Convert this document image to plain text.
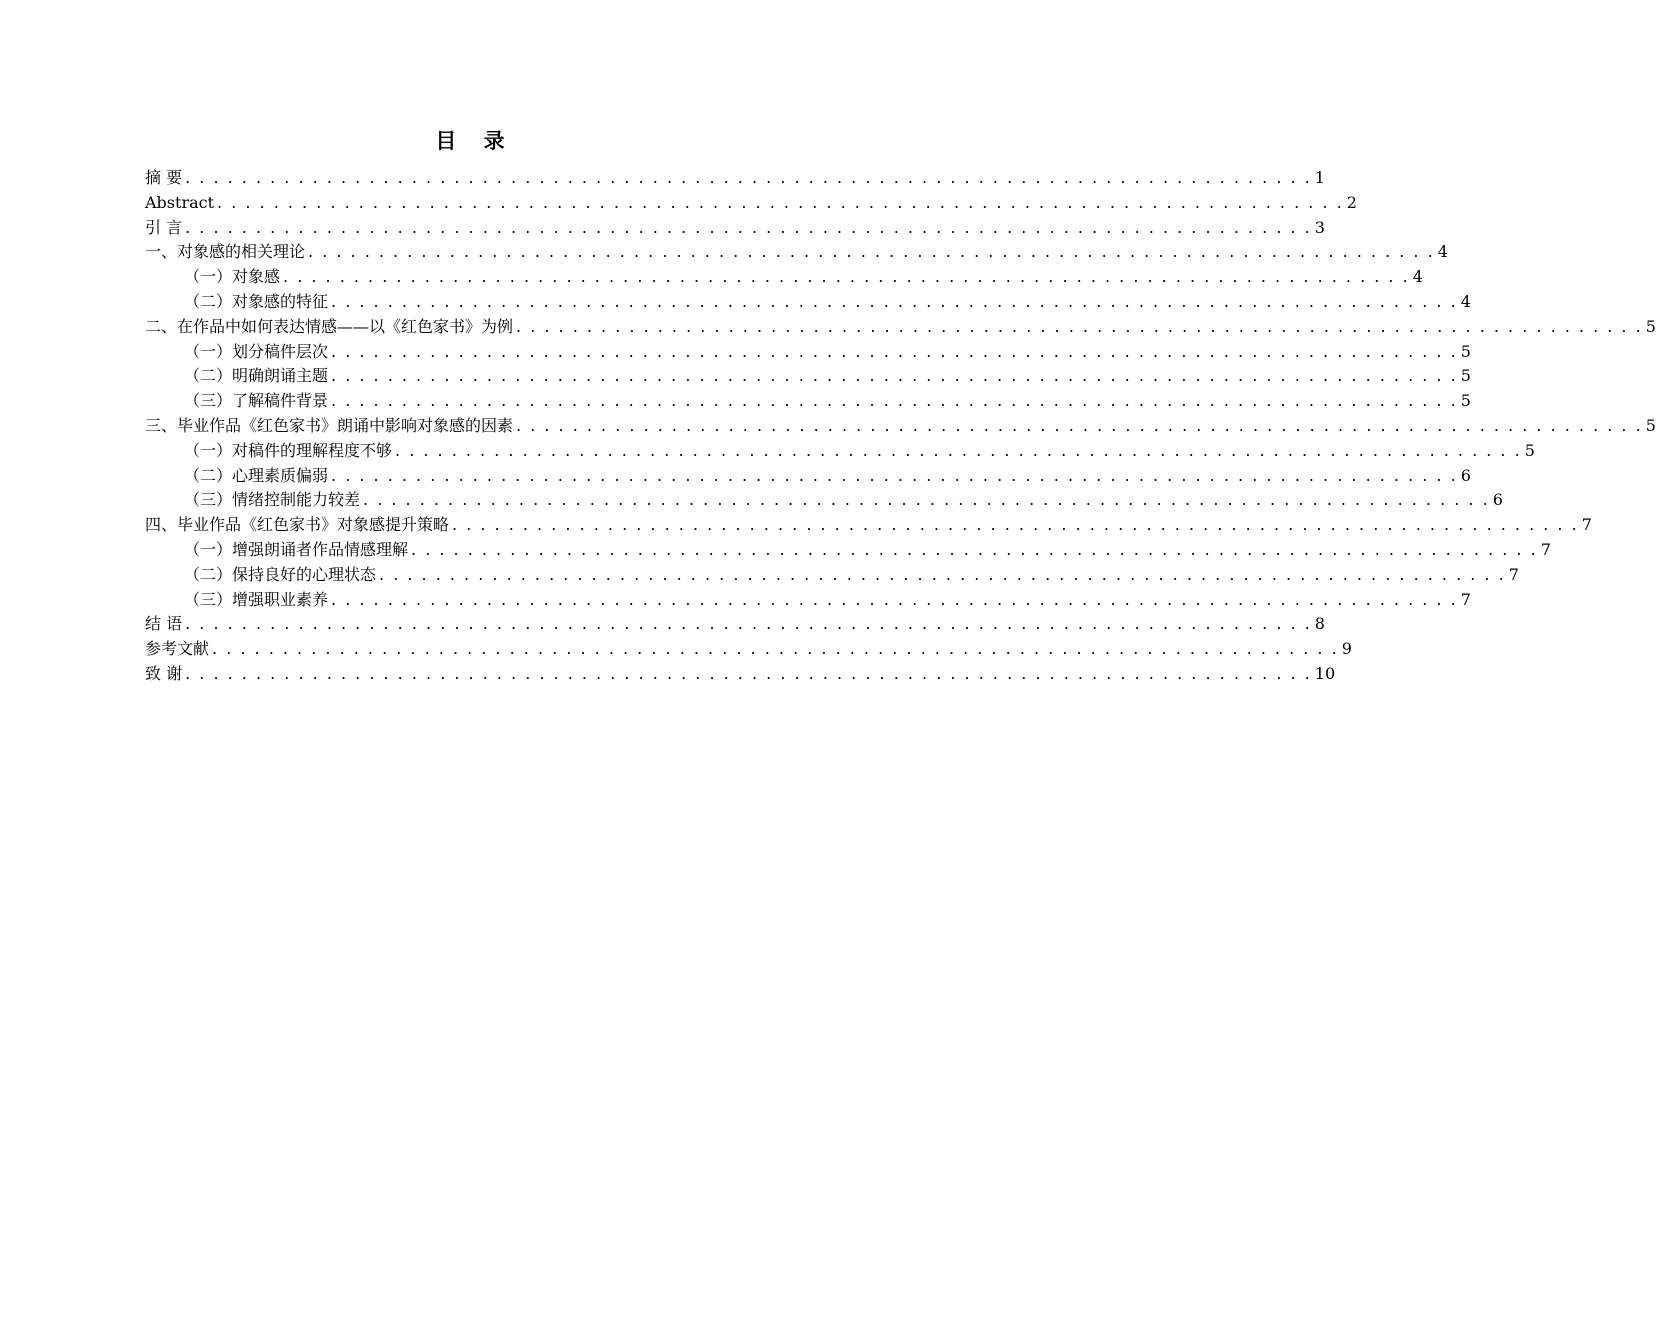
目 录
摘 要 . . . . . . . . . . . . . . . . . . . . . . . . . . . . . . . . . . . . . . . . . . . . . . . . . . . . . . . . . . . . . . . . . . . . . . . . . . . . . . . . 1
Abstract . . . . . . . . . . . . . . . . . . . . . . . . . . . . . . . . . . . . . . . . . . . . . . . . . . . . . . . . . . . . . . . . . . . . . . . . . . . . . . . . 2
引 言 . . . . . . . . . . . . . . . . . . . . . . . . . . . . . . . . . . . . . . . . . . . . . . . . . . . . . . . . . . . . . . . . . . . . . . . . . . . . . . . . 3
一、对象感的相关理论 . . . . . . . . . . . . . . . . . . . . . . . . . . . . . . . . . . . . . . . . . . . . . . . . . . . . . . . . . . . . . . . . . . . . . . . . . . . . . . . . 4
（一）对象感 . . . . . . . . . . . . . . . . . . . . . . . . . . . . . . . . . . . . . . . . . . . . . . . . . . . . . . . . . . . . . . . . . . . . . . . . . . . . . . . . 4
（二）对象感的特征 . . . . . . . . . . . . . . . . . . . . . . . . . . . . . . . . . . . . . . . . . . . . . . . . . . . . . . . . . . . . . . . . . . . . . . . . . . . . . . . . 4
二、在作品中如何表达情感——以《红色家书》为例 . . . . . . . . . . . . . . . . . . . . . . . . . . . . . . . . . . . . . . . . . . . . . . . . . . . . . . . . . . . . . . . . . . . . . . . . . . . . . . . . 5
（一）划分稿件层次 . . . . . . . . . . . . . . . . . . . . . . . . . . . . . . . . . . . . . . . . . . . . . . . . . . . . . . . . . . . . . . . . . . . . . . . . . . . . . . . . 5
（二）明确朗诵主题 . . . . . . . . . . . . . . . . . . . . . . . . . . . . . . . . . . . . . . . . . . . . . . . . . . . . . . . . . . . . . . . . . . . . . . . . . . . . . . . . 5
（三）了解稿件背景 . . . . . . . . . . . . . . . . . . . . . . . . . . . . . . . . . . . . . . . . . . . . . . . . . . . . . . . . . . . . . . . . . . . . . . . . . . . . . . . . 5
三、毕业作品《红色家书》朗诵中影响对象感的因素 . . . . . . . . . . . . . . . . . . . . . . . . . . . . . . . . . . . . . . . . . . . . . . . . . . . . . . . . . . . . . . . . . . . . . . . . . . . . . . . . 5
（一）对稿件的理解程度不够 . . . . . . . . . . . . . . . . . . . . . . . . . . . . . . . . . . . . . . . . . . . . . . . . . . . . . . . . . . . . . . . . . . . . . . . . . . . . . . . . 5
（二）心理素质偏弱 . . . . . . . . . . . . . . . . . . . . . . . . . . . . . . . . . . . . . . . . . . . . . . . . . . . . . . . . . . . . . . . . . . . . . . . . . . . . . . . . 6
（三）情绪控制能力较差 . . . . . . . . . . . . . . . . . . . . . . . . . . . . . . . . . . . . . . . . . . . . . . . . . . . . . . . . . . . . . . . . . . . . . . . . . . . . . . . . 6
四、毕业作品《红色家书》对象感提升策略 . . . . . . . . . . . . . . . . . . . . . . . . . . . . . . . . . . . . . . . . . . . . . . . . . . . . . . . . . . . . . . . . . . . . . . . . . . . . . . . . 7
（一）增强朗诵者作品情感理解 . . . . . . . . . . . . . . . . . . . . . . . . . . . . . . . . . . . . . . . . . . . . . . . . . . . . . . . . . . . . . . . . . . . . . . . . . . . . . . . . 7
（二）保持良好的心理状态 . . . . . . . . . . . . . . . . . . . . . . . . . . . . . . . . . . . . . . . . . . . . . . . . . . . . . . . . . . . . . . . . . . . . . . . . . . . . . . . . 7
（三）增强职业素养 . . . . . . . . . . . . . . . . . . . . . . . . . . . . . . . . . . . . . . . . . . . . . . . . . . . . . . . . . . . . . . . . . . . . . . . . . . . . . . . . 7
结 语 . . . . . . . . . . . . . . . . . . . . . . . . . . . . . . . . . . . . . . . . . . . . . . . . . . . . . . . . . . . . . . . . . . . . . . . . . . . . . . . . 8
参考文献 . . . . . . . . . . . . . . . . . . . . . . . . . . . . . . . . . . . . . . . . . . . . . . . . . . . . . . . . . . . . . . . . . . . . . . . . . . . . . . . . 9
致 谢 . . . . . . . . . . . . . . . . . . . . . . . . . . . . . . . . . . . . . . . . . . . . . . . . . . . . . . . . . . . . . . . . . . . . . . . . . . . . . . . . 10
